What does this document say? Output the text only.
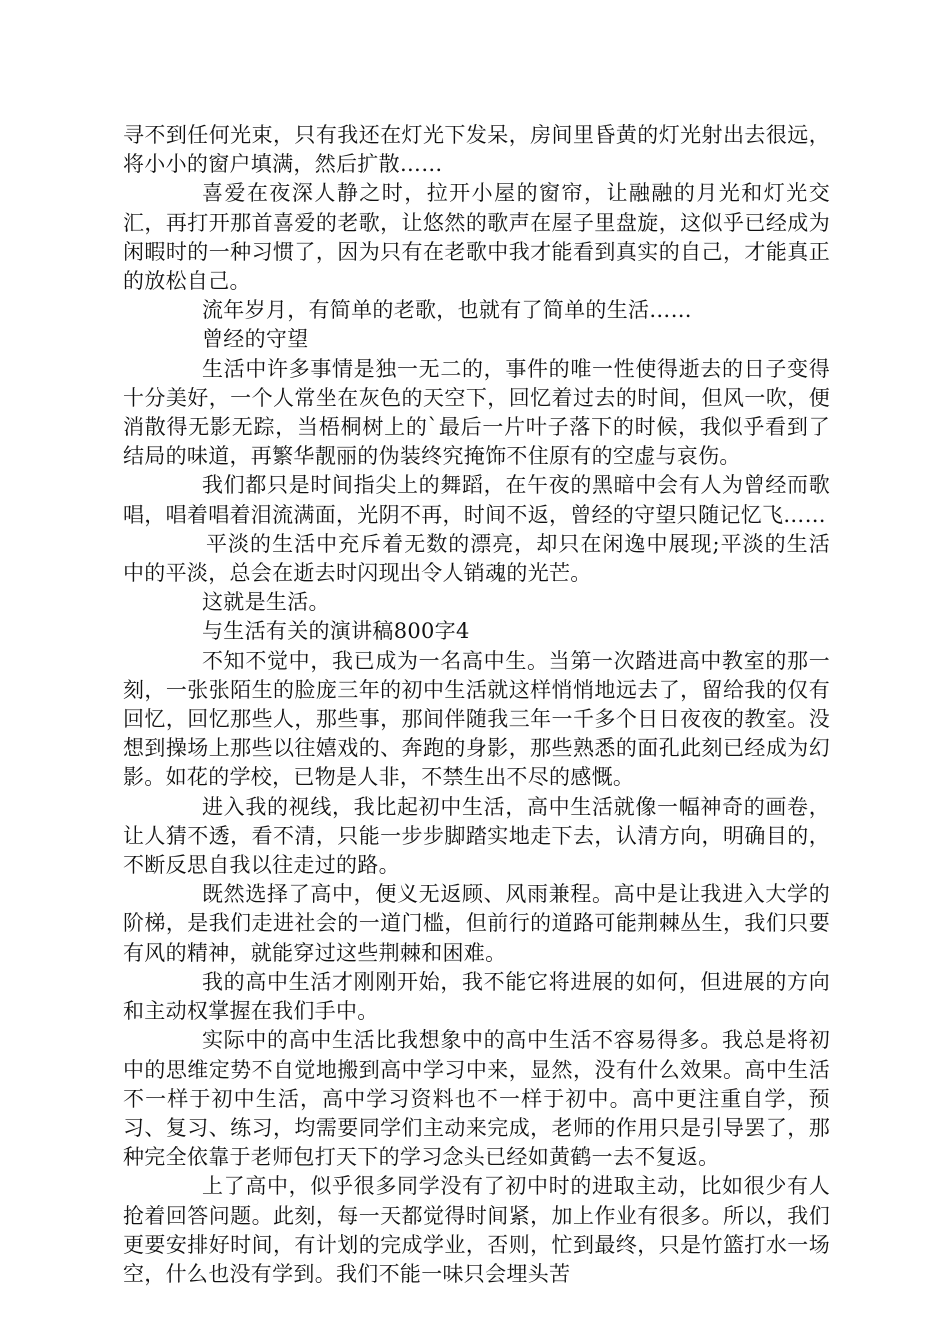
寻不到任何光束，只有我还在灯光下发呆，房间里昏黄的灯光射出去很远，将小小的窗户填满，然后扩散……

喜爱在夜深人静之时，拉开小屋的窗帘，让融融的月光和灯光交汇，再打开那首喜爱的老歌，让悠然的歌声在屋子里盘旋，这似乎已经成为闲暇时的一种习惯了，因为只有在老歌中我才能看到真实的自己，才能真正的放松自己。

流年岁月，有简单的老歌，也就有了简单的生活……

曾经的守望

生活中许多事情是独一无二的，事件的唯一性使得逝去的日子变得十分美好，一个人常坐在灰色的天空下，回忆着过去的时间，但风一吹，便消散得无影无踪，当梧桐树上的`最后一片叶子落下的时候，我似乎看到了结局的味道，再繁华靓丽的伪装终究掩饰不住原有的空虚与哀伤。

我们都只是时间指尖上的舞蹈，在午夜的黑暗中会有人为曾经而歌唱，唱着唱着泪流满面，光阴不再，时间不返，曾经的守望只随记忆飞……

平淡的生活中充斥着无数的漂亮，却只在闲逸中展现;平淡的生活中的平淡，总会在逝去时闪现出令人销魂的光芒。

这就是生活。

与生活有关的演讲稿800字4

不知不觉中，我已成为一名高中生。当第一次踏进高中教室的那一刻，一张张陌生的脸庞三年的初中生活就这样悄悄地远去了，留给我的仅有回忆，回忆那些人，那些事，那间伴随我三年一千多个日日夜夜的教室。没想到操场上那些以往嬉戏的、奔跑的身影，那些熟悉的面孔此刻已经成为幻影。如花的学校，已物是人非，不禁生出不尽的感慨。

进入我的视线，我比起初中生活，高中生活就像一幅神奇的画卷，让人猜不透，看不清，只能一步步脚踏实地走下去，认清方向，明确目的，不断反思自我以往走过的路。

既然选择了高中，便义无返顾、风雨兼程。高中是让我进入大学的阶梯，是我们走进社会的一道门槛，但前行的道路可能荆棘丛生，我们只要有风的精神，就能穿过这些荆棘和困难。

我的高中生活才刚刚开始，我不能它将进展的如何，但进展的方向和主动权掌握在我们手中。

实际中的高中生活比我想象中的高中生活不容易得多。我总是将初中的思维定势不自觉地搬到高中学习中来，显然，没有什么效果。高中生活不一样于初中生活，高中学习资料也不一样于初中。高中更注重自学，预习、复习、练习，均需要同学们主动来完成，老师的作用只是引导罢了，那种完全依靠于老师包打天下的学习念头已经如黄鹤一去不复返。

上了高中，似乎很多同学没有了初中时的进取主动，比如很少有人抢着回答问题。此刻，每一天都觉得时间紧，加上作业有很多。所以，我们更要安排好时间，有计划的完成学业，否则，忙到最终，只是竹篮打水一场空，什么也没有学到。我们不能一味只会埋头苦
